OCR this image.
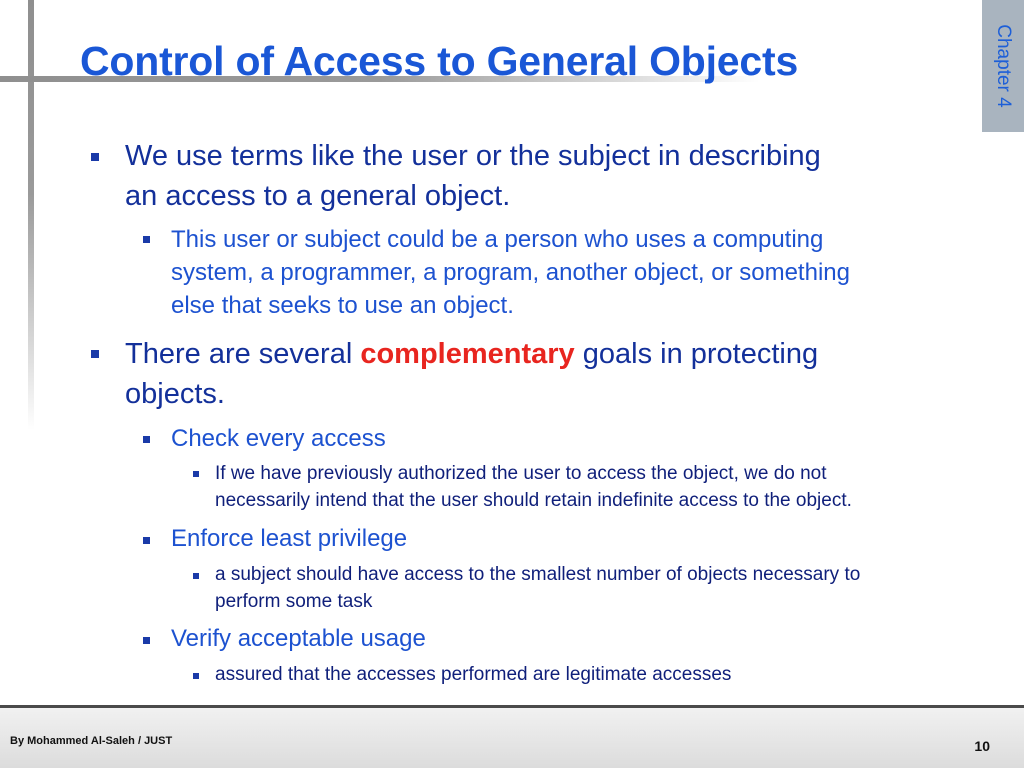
Control of Access to General Objects	Chapter 4
We use terms like the user or the subject in describing
an access to a general object.
This user or subject could be a person who uses a computing
system, a programmer, a program, another object, or something
else that seeks to use an object.
There are several complementary goals in protecting
objects.
Check every access
If we have previously authorized the user to access the object, we do not
necessarily intend that the user should retain indefinite access to the object.
Enforce least privilege
a subject should have access to the smallest number of objects necessary to
perform some task
Verify acceptable usage
assured that the accesses performed are legitimate accesses
By Mohammed Al-Saleh / JUST	10
